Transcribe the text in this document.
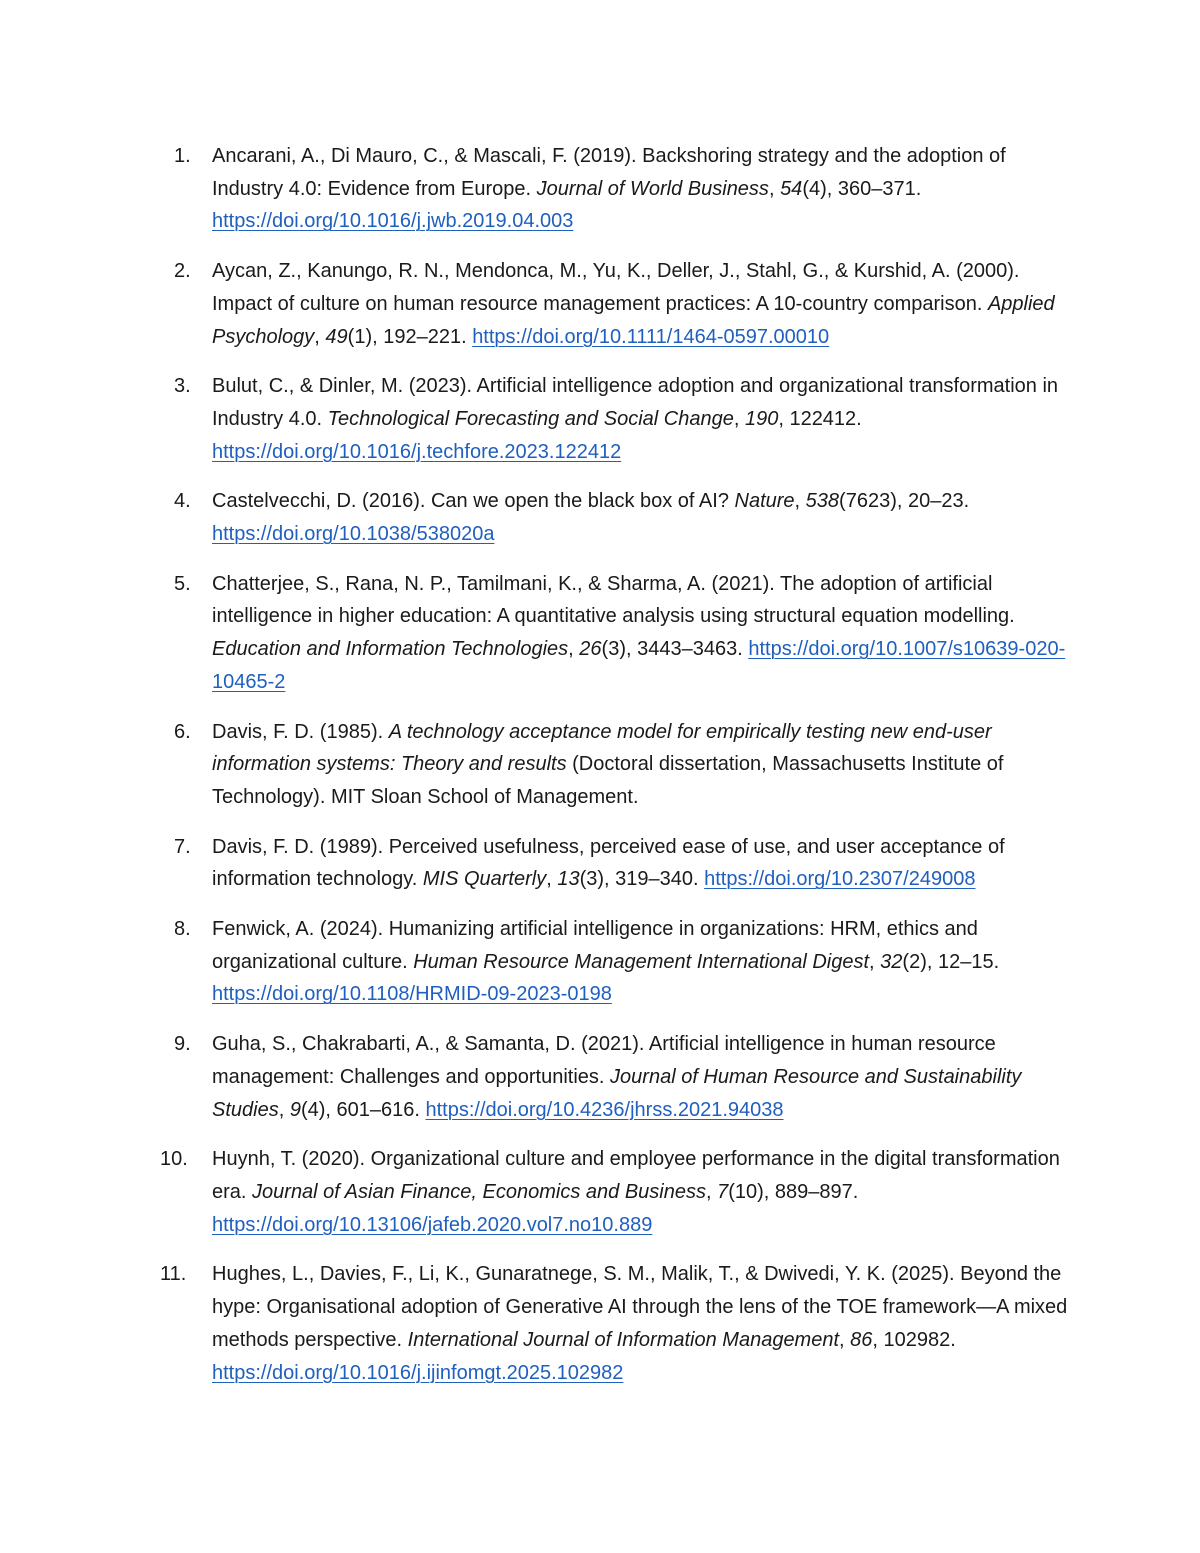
1.	Ancarani, A., Di Mauro, C., & Mascali, F. (2019). Backshoring strategy and the adoption of Industry 4.0: Evidence from Europe. Journal of World Business, 54(4), 360–371. https://doi.org/10.1016/j.jwb.2019.04.003
2.	Aycan, Z., Kanungo, R. N., Mendonca, M., Yu, K., Deller, J., Stahl, G., & Kurshid, A. (2000). Impact of culture on human resource management practices: A 10-country comparison. Applied Psychology, 49(1), 192–221. https://doi.org/10.1111/1464-0597.00010
3.	Bulut, C., & Dinler, M. (2023). Artificial intelligence adoption and organizational transformation in Industry 4.0. Technological Forecasting and Social Change, 190, 122412. https://doi.org/10.1016/j.techfore.2023.122412
4.	Castelvecchi, D. (2016). Can we open the black box of AI? Nature, 538(7623), 20–23. https://doi.org/10.1038/538020a
5.	Chatterjee, S., Rana, N. P., Tamilmani, K., & Sharma, A. (2021). The adoption of artificial intelligence in higher education: A quantitative analysis using structural equation modelling. Education and Information Technologies, 26(3), 3443–3463. https://doi.org/10.1007/s10639-020-10465-2
6.	Davis, F. D. (1985). A technology acceptance model for empirically testing new end-user information systems: Theory and results (Doctoral dissertation, Massachusetts Institute of Technology). MIT Sloan School of Management.
7.	Davis, F. D. (1989). Perceived usefulness, perceived ease of use, and user acceptance of information technology. MIS Quarterly, 13(3), 319–340. https://doi.org/10.2307/249008
8.	Fenwick, A. (2024). Humanizing artificial intelligence in organizations: HRM, ethics and organizational culture. Human Resource Management International Digest, 32(2), 12–15. https://doi.org/10.1108/HRMID-09-2023-0198
9.	Guha, S., Chakrabarti, A., & Samanta, D. (2021). Artificial intelligence in human resource management: Challenges and opportunities. Journal of Human Resource and Sustainability Studies, 9(4), 601–616. https://doi.org/10.4236/jhrss.2021.94038
10.	Huynh, T. (2020). Organizational culture and employee performance in the digital transformation era. Journal of Asian Finance, Economics and Business, 7(10), 889–897. https://doi.org/10.13106/jafeb.2020.vol7.no10.889
11.	Hughes, L., Davies, F., Li, K., Gunaratnege, S. M., Malik, T., & Dwivedi, Y. K. (2025). Beyond the hype: Organisational adoption of Generative AI through the lens of the TOE framework—A mixed methods perspective. International Journal of Information Management, 86, 102982. https://doi.org/10.1016/j.ijinfomgt.2025.102982
